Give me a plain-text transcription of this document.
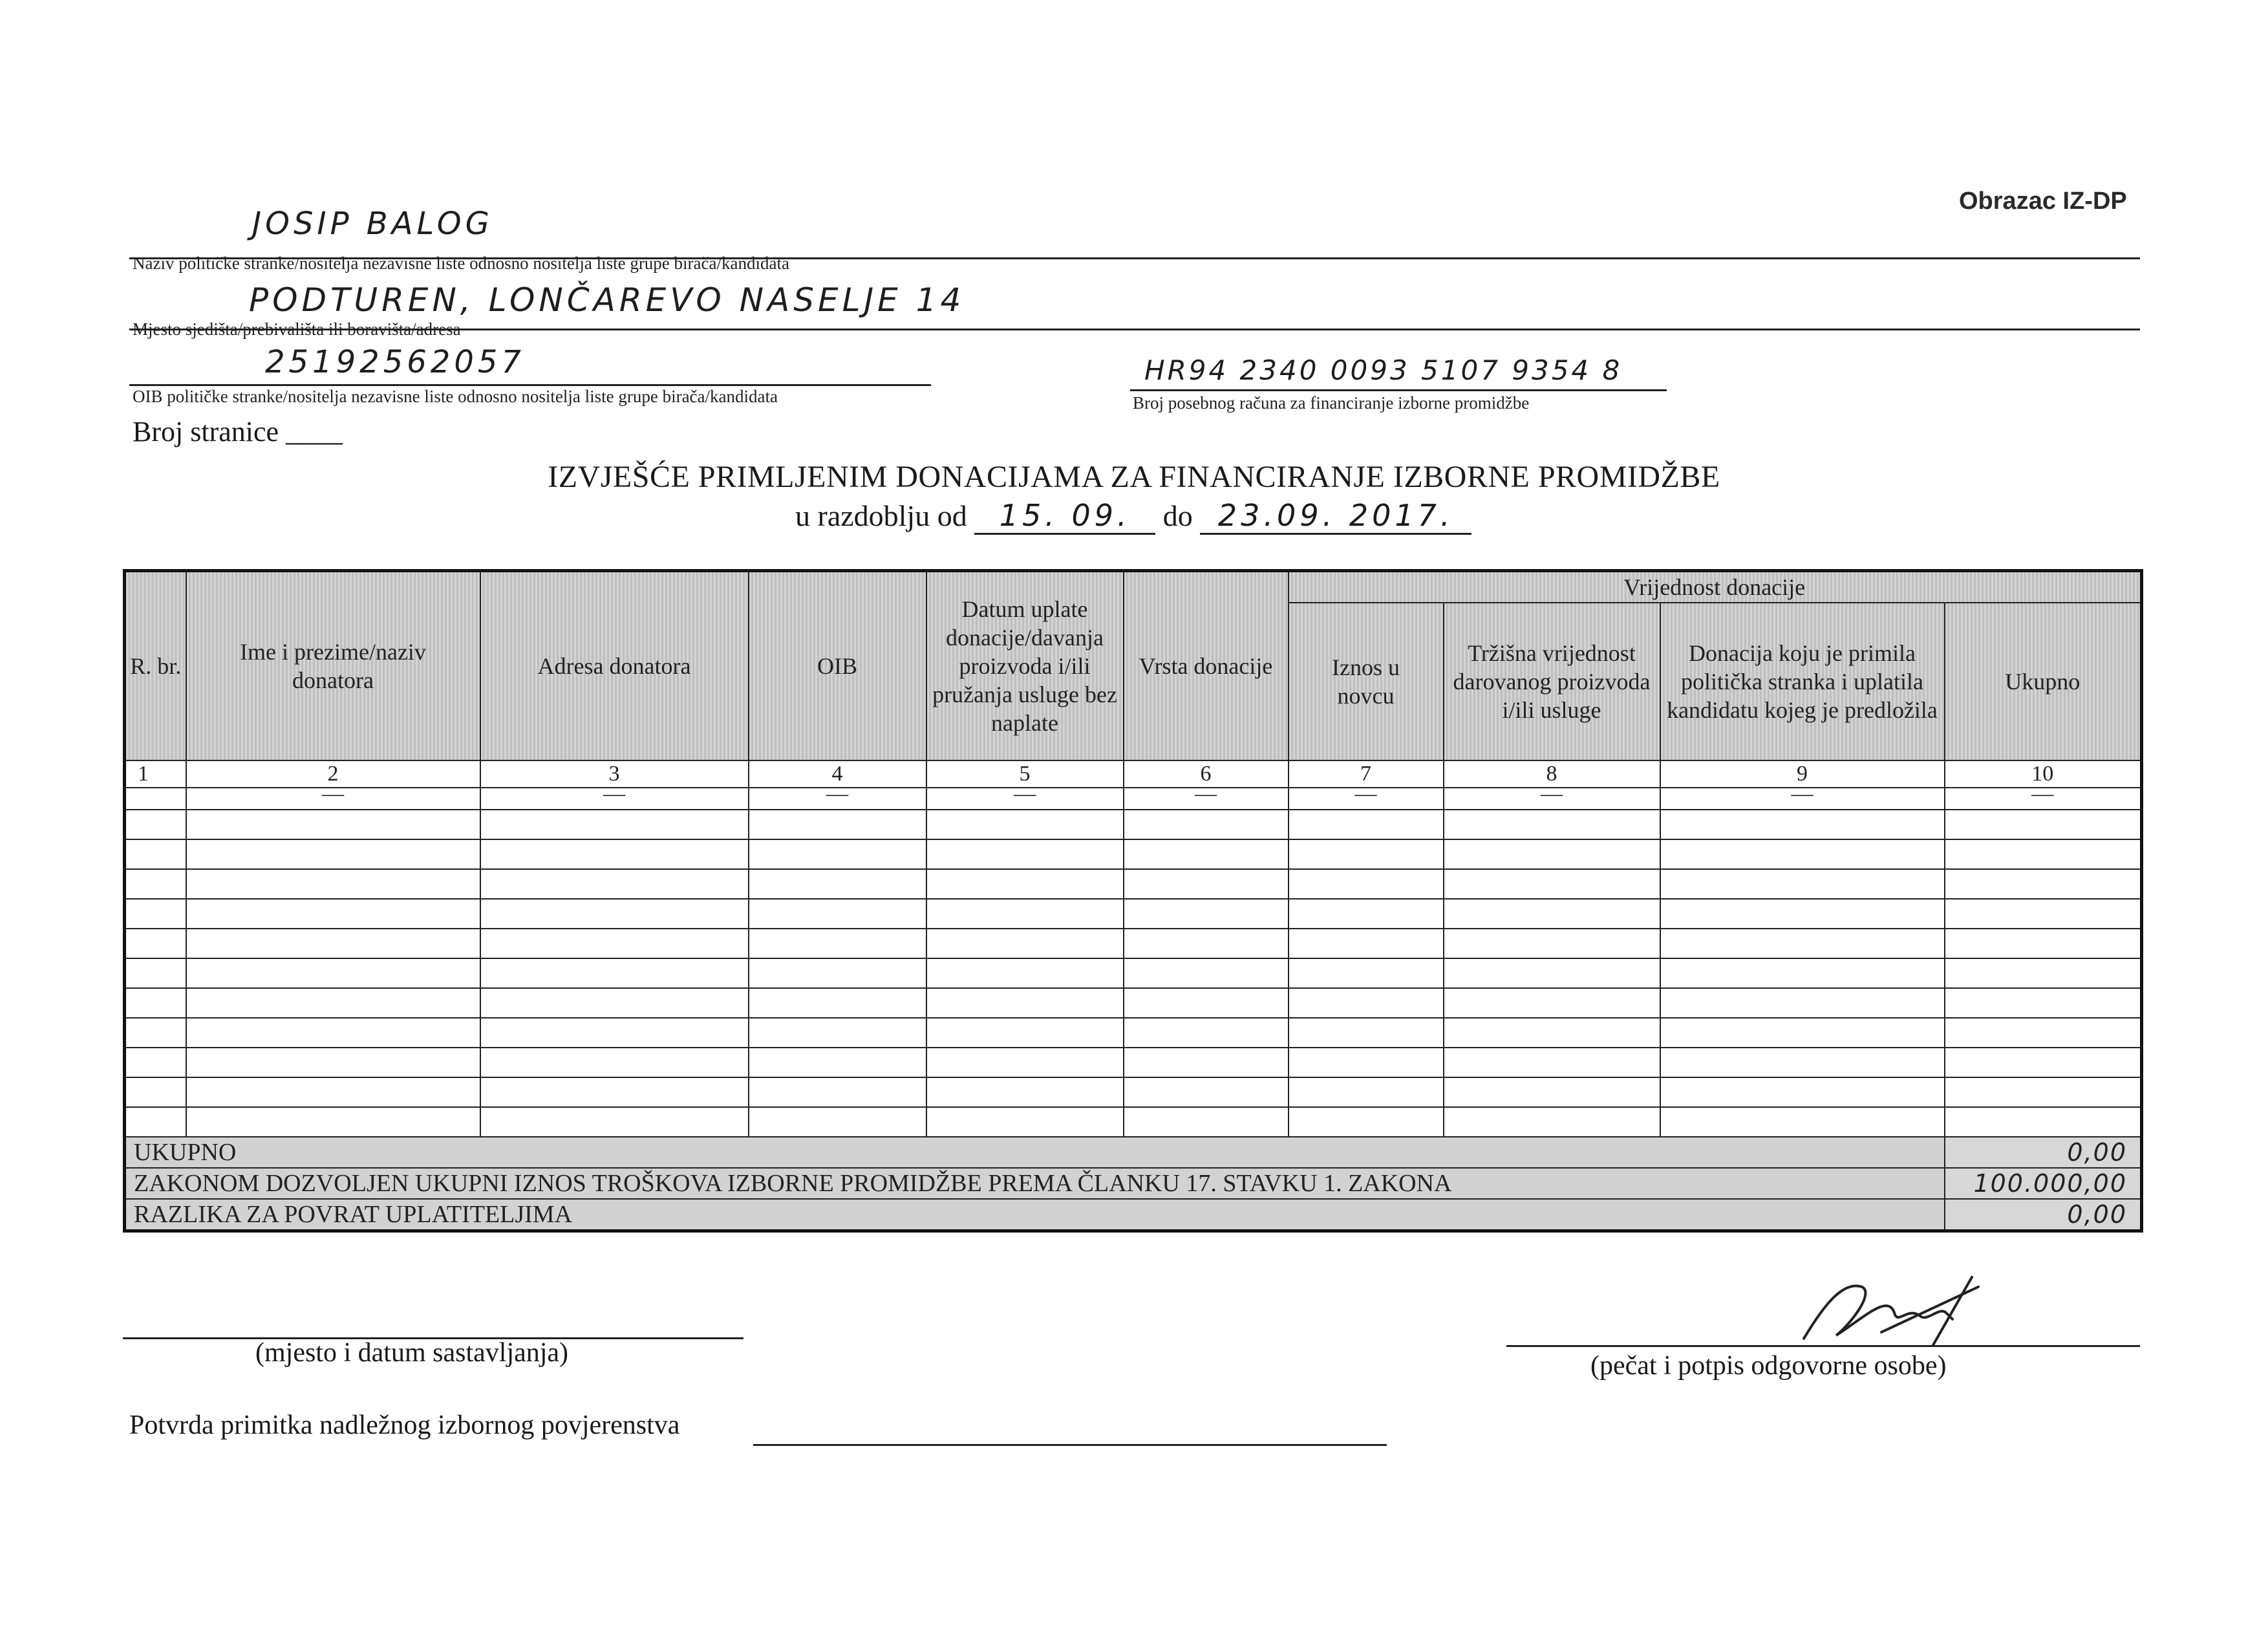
Obrazac IZ-DP
JOSIP BALOG
Naziv političke stranke/nositelja nezavisne liste odnosno nositelja liste grupe birača/kandidata
PODTUREN, LONČAREVO NASELJE 14
Mjesto sjedišta/prebivališta ili boravišta/adresa
25192562057
OIB političke stranke/nositelja nezavisne liste odnosno nositelja liste grupe birača/kandidata
HR94 2340 0093 5107 9354 8
Broj posebnog računa za financiranje izborne promidžbe
Broj stranice ____
IZVJEŠĆE PRIMLJENIM DONACIJAMA ZA FINANCIRANJE IZBORNE PROMIDŽBE
u razdoblju od 15. 09. do 23.09. 2017.
R. br.	Ime i prezime/naziv donatora	Adresa donatora	OIB	Datum uplate donacije/davanja proizvoda i/ili pružanja usluge bez naplate	Vrsta donacije	Vrijednost donacije			
						Iznos u novcu	Tržišna vrijednost darovanog proizvoda i/ili usluge	Donacija koju je primila politička stranka i uplatila kandidatu kojeg je predložila	Ukupno
1	2	3	4	5	6	7	8	9	10
	—	—	—	—	—	—	—	—	—

UKUPNO									0,00
ZAKONOM DOZVOLJEN UKUPNI IZNOS TROŠKOVA IZBORNE PROMIDŽBE PREMA ČLANKU 17. STAVKU 1. ZAKONA									100.000,00
RAZLIKA ZA POVRAT UPLATITELJIMA									0,00
(mjesto i datum sastavljanja)	(pečat i potpis odgovorne osobe)
Potvrda primitka nadležnog izbornog povjerenstva
